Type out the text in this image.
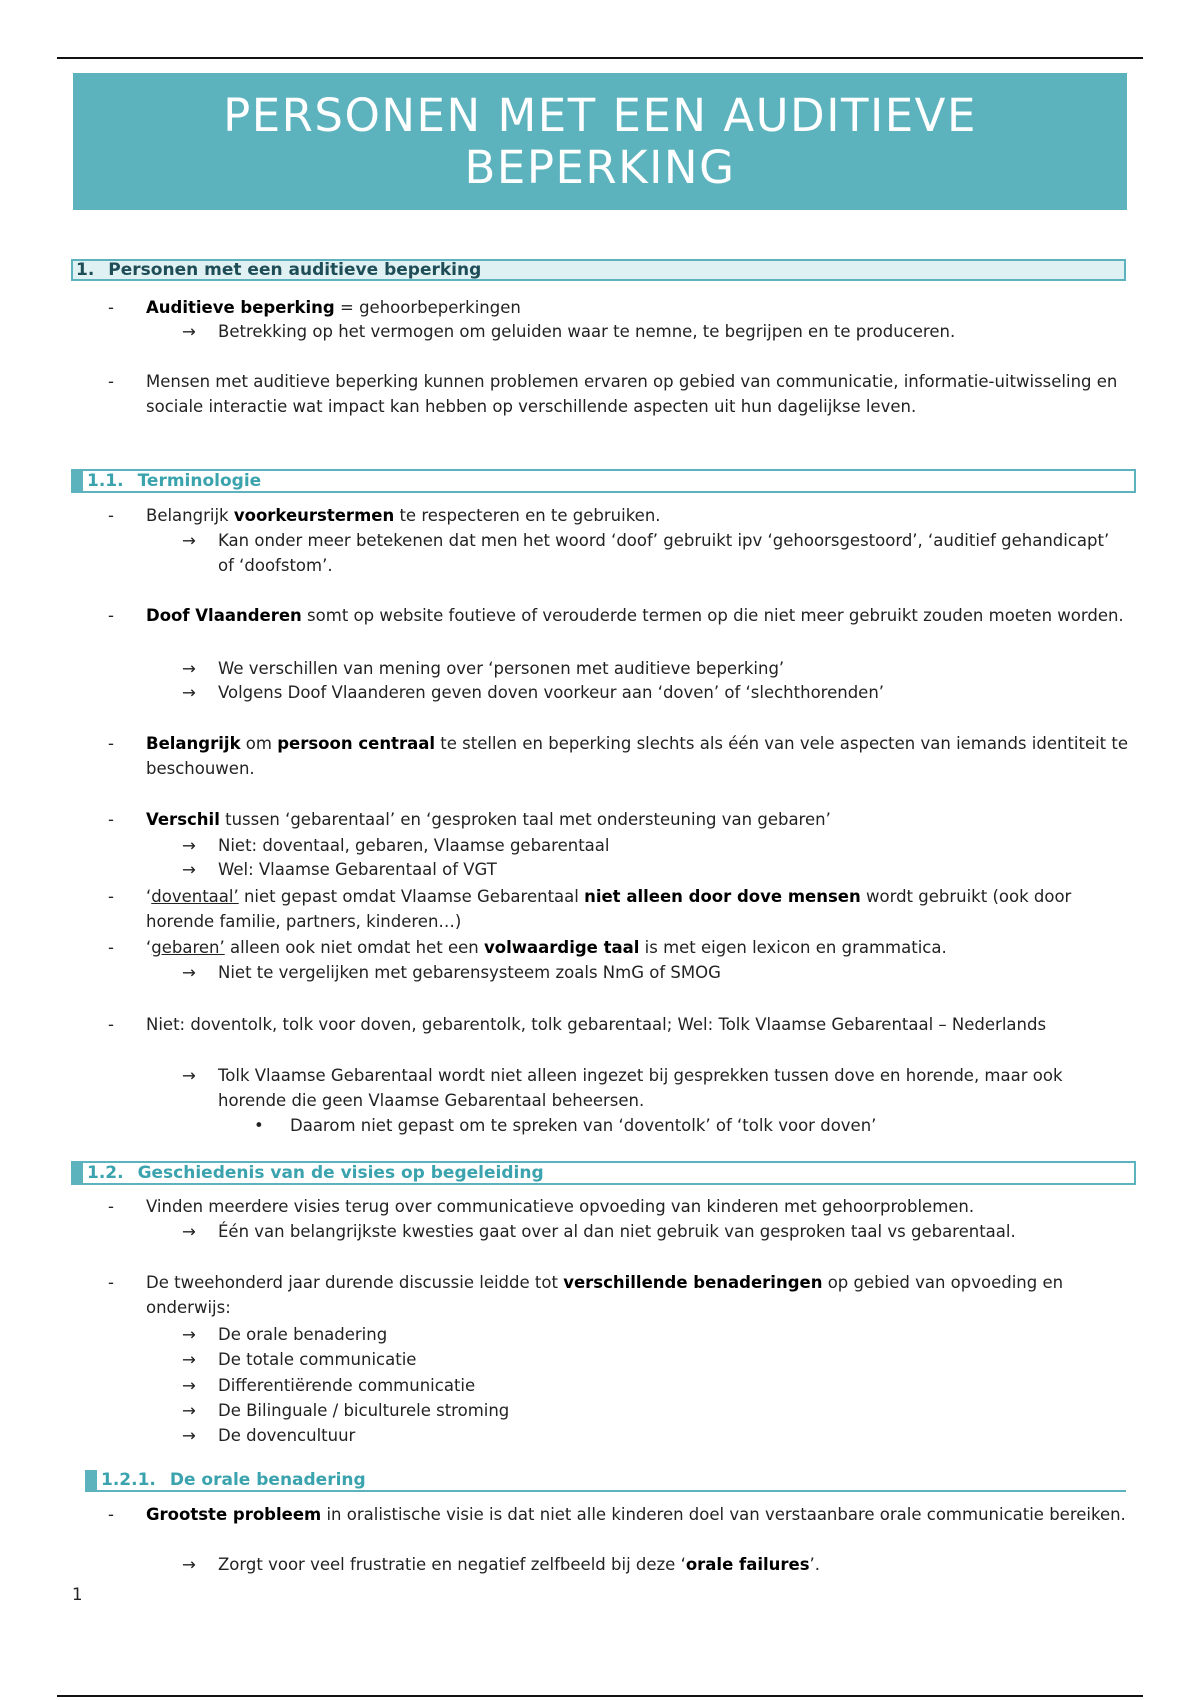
PERSONEN MET EEN AUDITIEVE
BEPERKING
1. Personen met een auditieve beperking
- Auditieve beperking = gehoorbeperkingen
→ Betrekking op het vermogen om geluiden waar te nemne, te begrijpen en te produceren.
- Mensen met auditieve beperking kunnen problemen ervaren op gebied van communicatie, informatie-uitwisseling en sociale interactie wat impact kan hebben op verschillende aspecten uit hun dagelijkse leven.
1.1. Terminologie
- Belangrijk voorkeurstermen te respecteren en te gebruiken.
→ Kan onder meer betekenen dat men het woord ‘doof’ gebruikt ipv ‘gehoorsgestoord’, ‘auditief gehandicapt’ of ‘doofstom’.
- Doof Vlaanderen somt op website foutieve of verouderde termen op die niet meer gebruikt zouden moeten worden.
→ We verschillen van mening over ‘personen met auditieve beperking’
→ Volgens Doof Vlaanderen geven doven voorkeur aan ‘doven’ of ‘slechthorenden’
- Belangrijk om persoon centraal te stellen en beperking slechts als één van vele aspecten van iemands identiteit te beschouwen.
- Verschil tussen ‘gebarentaal’ en ‘gesproken taal met ondersteuning van gebaren’
→ Niet: doventaal, gebaren, Vlaamse gebarentaal
→ Wel: Vlaamse Gebarentaal of VGT
- ‘doventaal’ niet gepast omdat Vlaamse Gebarentaal niet alleen door dove mensen wordt gebruikt (ook door horende familie, partners, kinderen…)
- ‘gebaren’ alleen ook niet omdat het een volwaardige taal is met eigen lexicon en grammatica.
→ Niet te vergelijken met gebarensysteem zoals NmG of SMOG
- Niet: doventolk, tolk voor doven, gebarentolk, tolk gebarentaal; Wel: Tolk Vlaamse Gebarentaal – Nederlands
→ Tolk Vlaamse Gebarentaal wordt niet alleen ingezet bij gesprekken tussen dove en horende, maar ook horende die geen Vlaamse Gebarentaal beheersen.
• Daarom niet gepast om te spreken van ‘doventolk’ of ‘tolk voor doven’
1.2. Geschiedenis van de visies op begeleiding
- Vinden meerdere visies terug over communicatieve opvoeding van kinderen met gehoorproblemen.
→ Één van belangrijkste kwesties gaat over al dan niet gebruik van gesproken taal vs gebarentaal.
- De tweehonderd jaar durende discussie leidde tot verschillende benaderingen op gebied van opvoeding en onderwijs:
→ De orale benadering
→ De totale communicatie
→ Differentiërende communicatie
→ De Bilinguale / biculturele stroming
→ De dovencultuur
1.2.1. De orale benadering
- Grootste probleem in oralistische visie is dat niet alle kinderen doel van verstaanbare orale communicatie bereiken.
→ Zorgt voor veel frustratie en negatief zelfbeeld bij deze ‘orale failures’.
1
